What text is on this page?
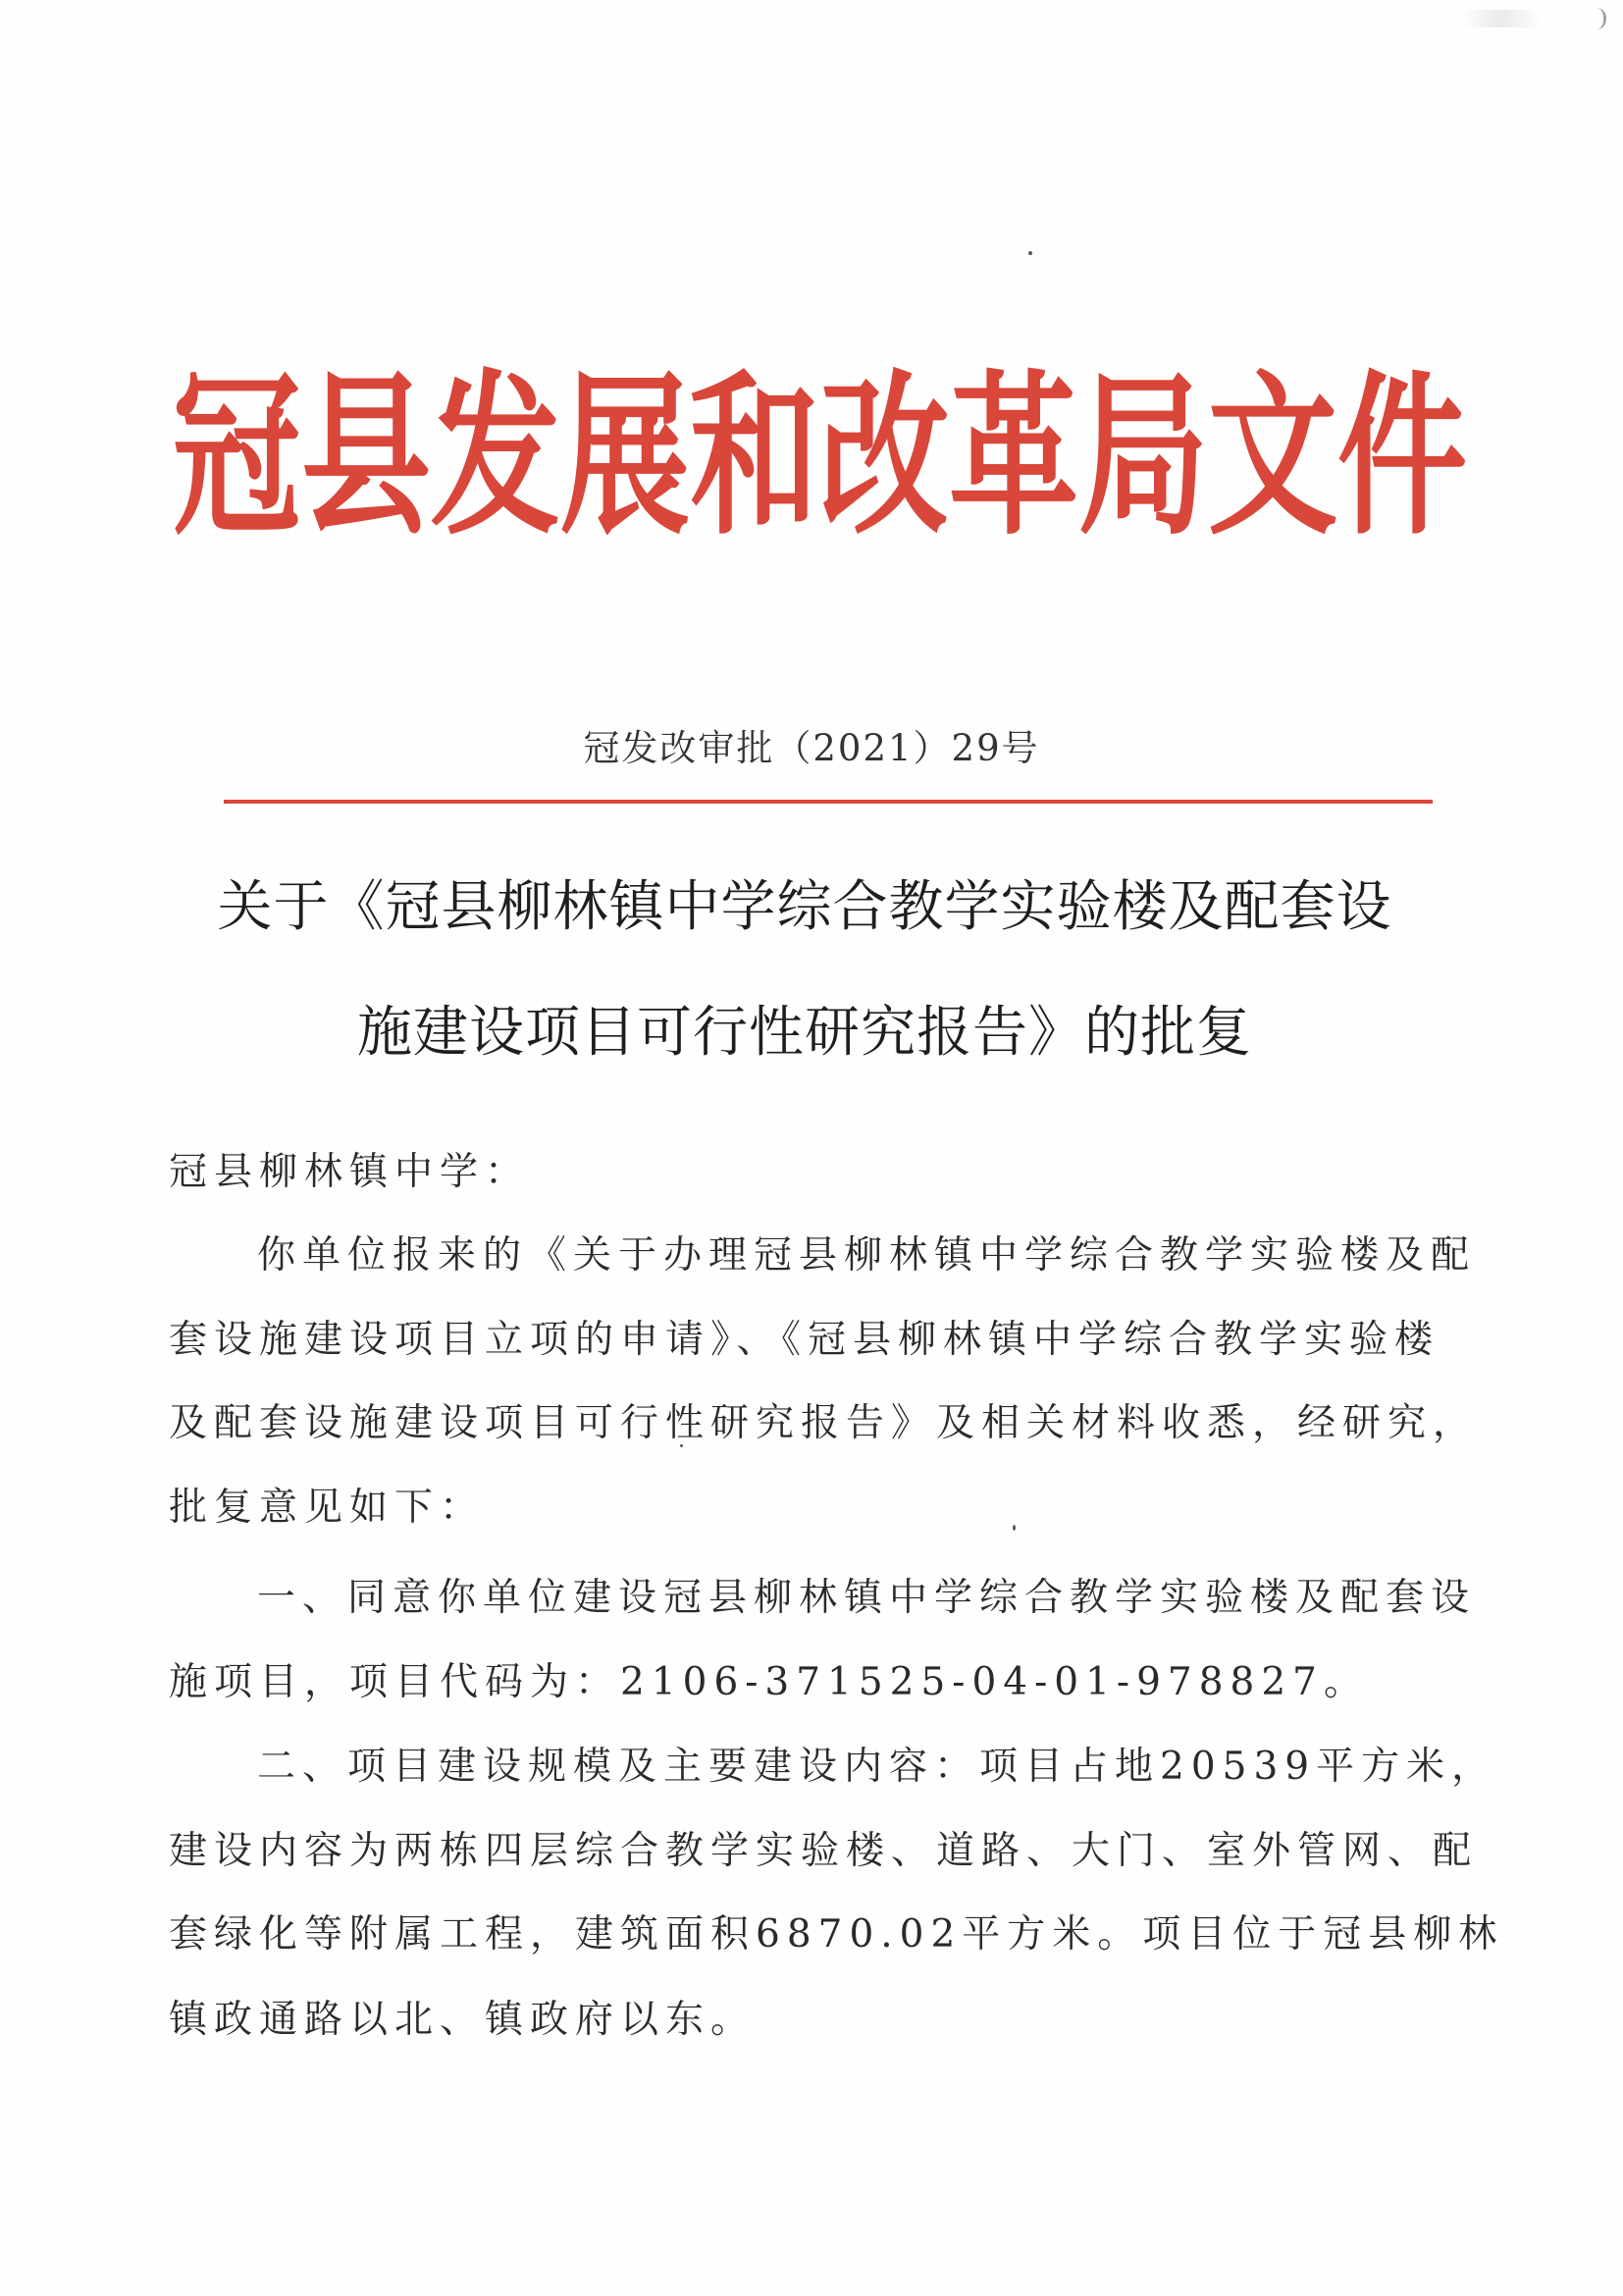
冠县发展和改革局文件
冠发改审批（2021）29号
关于《冠县柳林镇中学综合教学实验楼及配套设
施建设项目可行性研究报告》的批复
冠县柳林镇中学：
你单位报来的《关于办理冠县柳林镇中学综合教学实验楼及配
套设施建设项目立项的申请》、《冠县柳林镇中学综合教学实验楼
及配套设施建设项目可行性研究报告》及相关材料收悉，经研究，
批复意见如下：
一、同意你单位建设冠县柳林镇中学综合教学实验楼及配套设
施项目，项目代码为：2106-371525-04-01-978827。
二、项目建设规模及主要建设内容：项目占地20539平方米，
建设内容为两栋四层综合教学实验楼、道路、大门、室外管网、配
套绿化等附属工程，建筑面积6870.02平方米。项目位于冠县柳林
镇政通路以北、镇政府以东。
